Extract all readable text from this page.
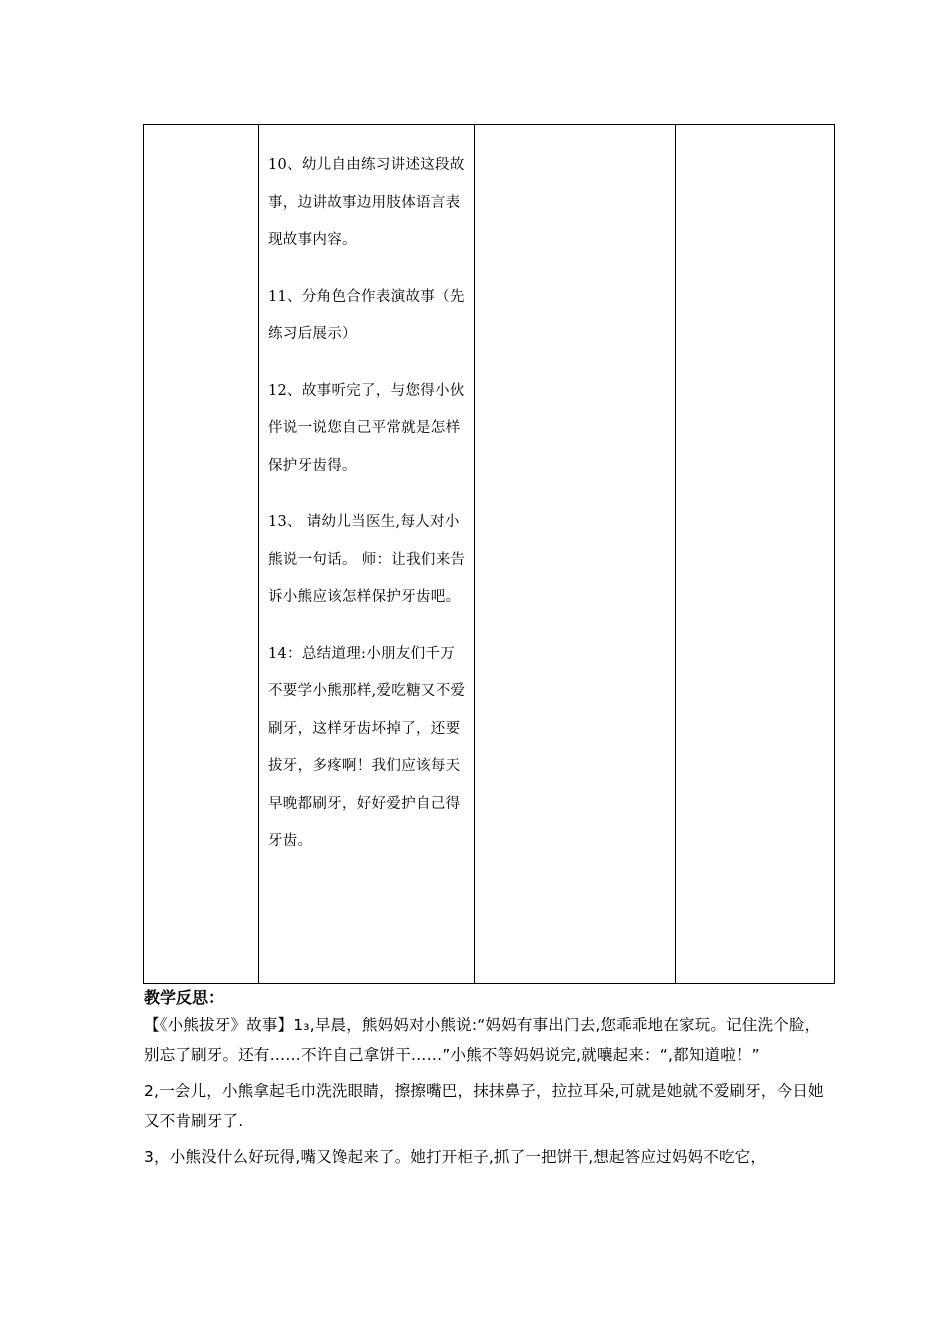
10、幼儿自由练习讲述这段故事，边讲故事边用肢体语言表现故事内容。

11、分角色合作表演故事（先练习后展示）

12、故事听完了，与您得小伙伴说一说您自己平常就是怎样保护牙齿得。

13、 请幼儿当医生,每人对小熊说一句话。 师：让我们来告诉小熊应该怎样保护牙齿吧。

14：总结道理:小朋友们千万不要学小熊那样,爱吃糖又不爱刷牙，这样牙齿坏掉了，还要拔牙，多疼啊！我们应该每天早晚都刷牙，好好爱护自己得牙齿。

教学反思：

【《小熊拔牙》故事】1₃,早晨，熊妈妈对小熊说:“妈妈有事出门去,您乖乖地在家玩。记住洗个脸，别忘了刷牙。还有……不许自己拿饼干……”小熊不等妈妈说完,就嚷起来：“,都知道啦！”

2,一会儿，小熊拿起毛巾洗洗眼睛，擦擦嘴巴，抹抹鼻子，拉拉耳朵,可就是她就不爱刷牙，今日她又不肯刷牙了.

3，小熊没什么好玩得,嘴又馋起来了。她打开柜子,抓了一把饼干,想起答应过妈妈不吃它，
